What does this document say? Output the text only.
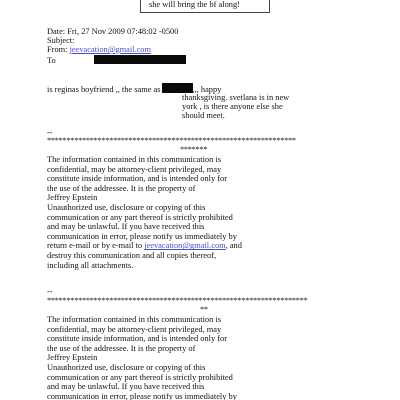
she will bring the bf along!
Date: Fri, 27 Nov 2009 07:48:02 -0500
Subject:
From: jeevacation@gmail.com
To
is reginas boyfriend ,, the same as	,,, happy
thanksgiving. svetlana is in new
york , is there anyone else she
should meet.
--
****************************************************************
*******
The information contained in this communication is
confidential, may be attorney-client privileged, may
constitute inside information, and is intended only for
the use of the addressee. It is the property of
Jeffrey Epstein
Unauthorized use, disclosure or copying of this
communication or any part thereof is strictly prohibited
and may be unlawful. If you have received this
communication in error, please notify us immediately by
return e-mail or by e-mail to jeevacation@gmail.com, and
destroy this communication and all copies thereof,
including all attachments.
--
*******************************************************************
**
The information contained in this communication is
confidential, may be attorney-client privileged, may
constitute inside information, and is intended only for
the use of the addressee. It is the property of
Jeffrey Epstein
Unauthorized use, disclosure or copying of this
communication or any part thereof is strictly prohibited
and may be unlawful. If you have received this
communication in error, please notify us immediately by
